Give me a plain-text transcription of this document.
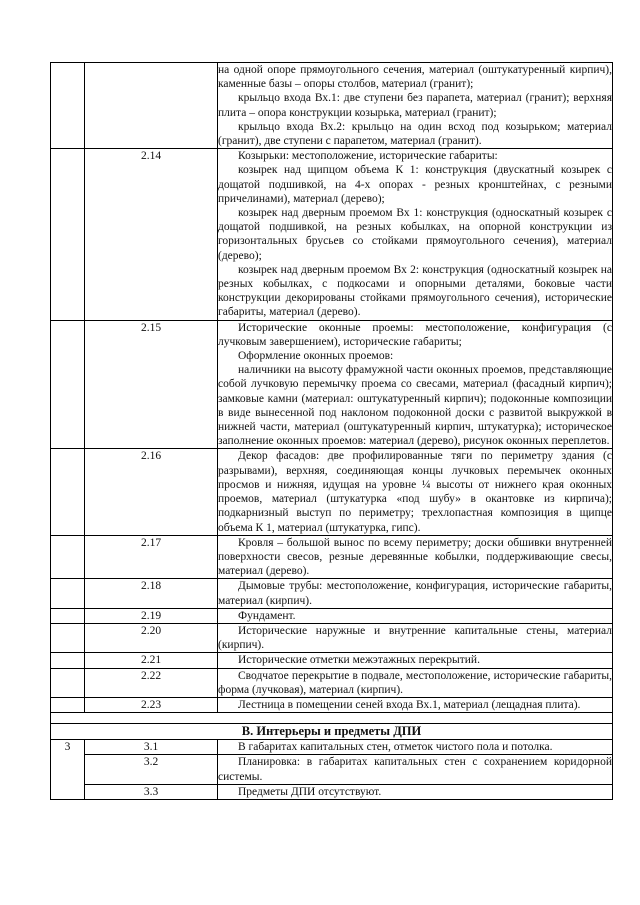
		на одной опоре прямоугольного сечения, материал (оштукатуренный кирпич), каменные базы – опоры столбов, материал (гранит);

крыльцо входа Вх.1: две ступени без парапета, материал (гранит); верхняя плита – опора конструкции козырька, материал (гранит);

крыльцо входа Вх.2: крыльцо на один всход под козырьком; материал (гранит), две ступени с парапетом, материал (гранит).

	2.14	Козырьки: местоположение, исторические габариты:

козырек над щипцом объема К 1: конструкция (двускатный козырек с дощатой подшивкой, на 4-х опорах - резных кронштейнах, с резными причелинами), материал (дерево);

козырек над дверным проемом Вх 1: конструкция (односкатный козырек с дощатой подшивкой, на резных кобылках, на опорной конструкции из горизонтальных брусьев со стойками прямоугольного сечения), материал (дерево);

козырек над дверным проемом Вх 2: конструкция (односкатный козырек на резных кобылках, с подкосами и опорными деталями, боковые части конструкции декорированы стойками прямоугольного сечения), исторические габариты, материал (дерево).

	2.15	Исторические оконные проемы: местоположение, конфигурация (с лучковым завершением), исторические габариты;

Оформление оконных проемов:

наличники на высоту фрамужной части оконных проемов, представляющие собой лучковую перемычку проема со свесами, материал (фасадный кирпич); замковые камни (материал: оштукатуренный кирпич); подоконные композиции в виде вынесенной под наклоном подоконной доски с развитой выкружкой в нижней части, материал (оштукатуренный кирпич, штукатурка); историческое заполнение оконных проемов: материал (дерево), рисунок оконных переплетов.

	2.16	Декор фасадов: две профилированные тяги по периметру здания (с разрывами), верхняя, соединяющая концы лучковых перемычек оконных просмов и нижняя, идущая на уровне ¼ высоты от нижнего края оконных проемов, материал (штукатурка «под шубу» в окантовке из кирпича); подкарнизный выступ по периметру; трехлопастная композиция в щипце объема К 1, материал (штукатурка, гипс).

	2.17	Кровля – большой вынос по всему периметру; доски обшивки внутренней поверхности свесов, резные деревянные кобылки, поддерживающие свесы, материал (дерево).

	2.18	Дымовые трубы: местоположение, конфигурация, исторические габариты, материал (кирпич).

	2.19	Фундамент.

	2.20	Исторические наружные и внутренние капитальные стены, материал (кирпич).

	2.21	Исторические отметки межэтажных перекрытий.

	2.22	Сводчатое перекрытие в подвале, местоположение, исторические габариты, форма (лучковая), материал (кирпич).

	2.23	Лестница в помещении сеней входа Вх.1, материал (лещадная плита).

В. Интерьеры и предметы ДПИ		
3	3.1	В габаритах капитальных стен, отметок чистого пола и потолка.

	3.2	Планировка: в габаритах капитальных стен с сохранением коридорной системы.

	3.3	Предметы ДПИ отсутствуют.
